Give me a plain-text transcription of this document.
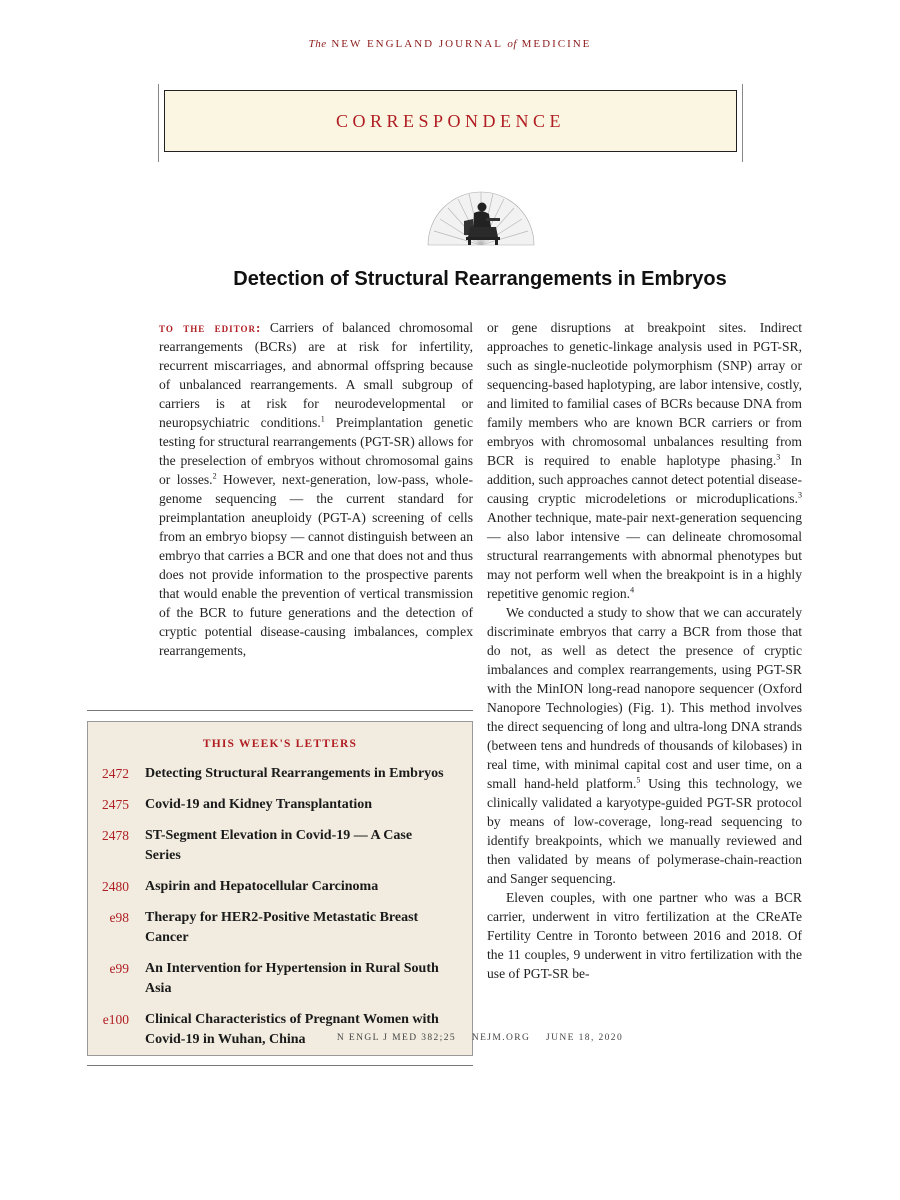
The NEW ENGLAND JOURNAL of MEDICINE
CORRESPONDENCE
Detection of Structural Rearrangements in Embryos

to the editor: Carriers of balanced chromosomal rearrangements (BCRs) are at risk for infertility, recurrent miscarriages, and abnormal offspring because of unbalanced rearrangements. A small subgroup of carriers is at risk for neurodevelopmental or neuropsychiatric conditions.$^1$ Preimplantation genetic testing for structural rearrangements (PGT-SR) allows for the preselection of embryos without chromosomal gains or losses.$^2$ However, next-generation, low-pass, whole-genome sequencing — the current standard for preimplantation aneuploidy (PGT-A) screening of cells from an embryo biopsy — cannot distinguish between an embryo that carries a BCR and one that does not and thus does not provide information to the prospective parents that would enable the prevention of vertical transmission of the BCR to future generations and the detection of cryptic potential disease-causing imbalances, complex rearrangements,

or gene disruptions at breakpoint sites. Indirect approaches to genetic-linkage analysis used in PGT-SR, such as single-nucleotide polymorphism (SNP) array or sequencing-based haplotyping, are labor intensive, costly, and limited to familial cases of BCRs because DNA from family members who are known BCR carriers or from embryos with chromosomal unbalances resulting from BCR is required to enable haplotype phasing.$^3$ In addition, such approaches cannot detect potential disease-causing cryptic microdeletions or microduplications.$^3$ Another technique, mate-pair next-generation sequencing — also labor intensive — can delineate chromosomal structural rearrangements with abnormal phenotypes but may not perform well when the breakpoint is in a highly repetitive genomic region.$^4$

We conducted a study to show that we can accurately discriminate embryos that carry a BCR from those that do not, as well as detect the presence of cryptic imbalances and complex rearrangements, using PGT-SR with the MinION long-read nanopore sequencer (Oxford Nanopore Technologies) (Fig. 1). This method involves the direct sequencing of long and ultra-long DNA strands (between tens and hundreds of thousands of kilobases) in real time, with minimal capital cost and user time, on a small hand-held platform.$^5$ Using this technology, we clinically validated a karyotype-guided PGT-SR protocol by means of low-coverage, long-read sequencing to identify breakpoints, which we manually reviewed and then validated by means of polymerase-chain-reaction and Sanger sequencing.

Eleven couples, with one partner who was a BCR carrier, underwent in vitro fertilization at the CReATe Fertility Centre in Toronto between 2016 and 2018. Of the 11 couples, 9 underwent in vitro fertilization with the use of PGT-SR be-

THIS WEEK'S LETTERS
2472 Detecting Structural Rearrangements in Embryos
2475 Covid-19 and Kidney Transplantation
2478 ST-Segment Elevation in Covid-19 — A Case Series
2480 Aspirin and Hepatocellular Carcinoma
e98 Therapy for HER2-Positive Metastatic Breast Cancer
e99 An Intervention for Hypertension in Rural South Asia
e100 Clinical Characteristics of Pregnant Women with Covid-19 in Wuhan, China	N ENGL J MED 382;25 NEJM.ORG JUNE 18, 2020
